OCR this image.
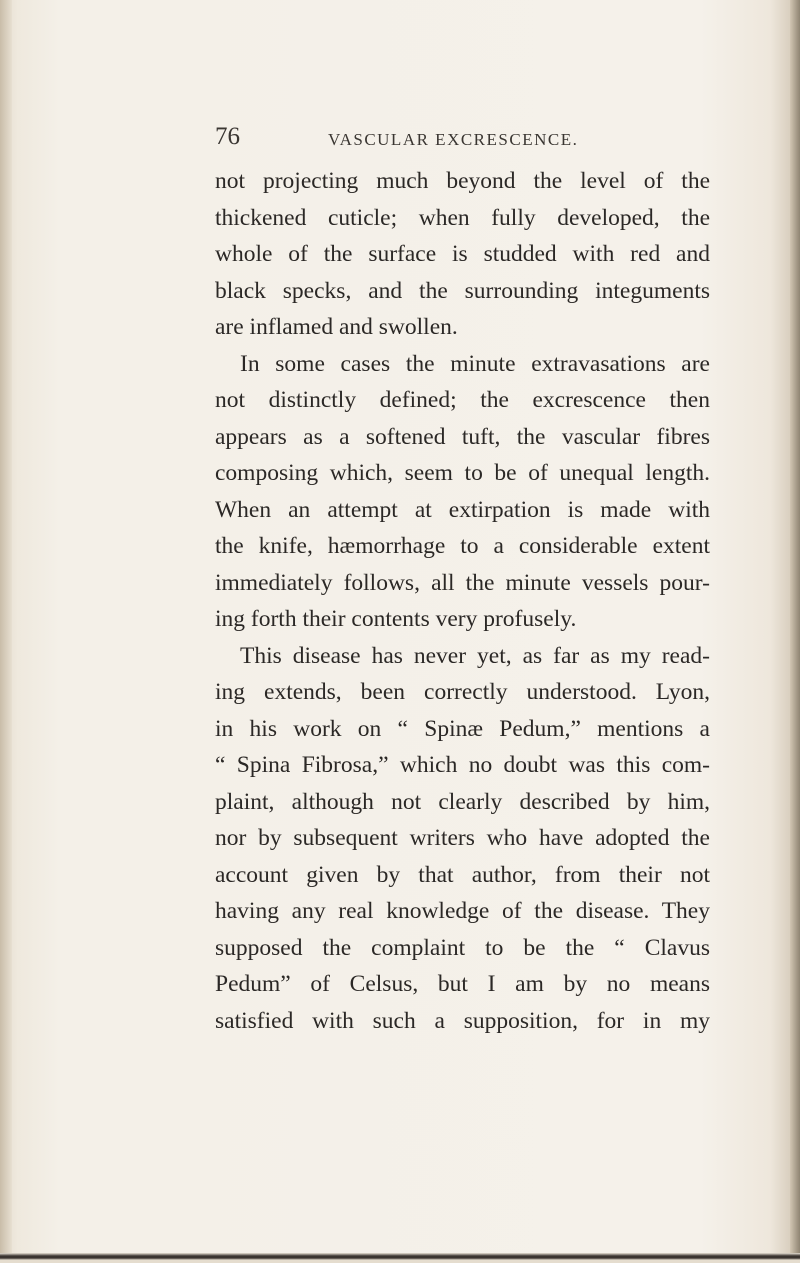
76	VASCULAR EXCRESCENCE.
not projecting much beyond the level of the
thickened cuticle; when fully developed, the
whole of the surface is studded with red and
black specks, and the surrounding integuments
are inflamed and swollen.
In some cases the minute extravasations are
not distinctly defined; the excrescence then
appears as a softened tuft, the vascular fibres
composing which, seem to be of unequal length.
When an attempt at extirpation is made with
the knife, hæmorrhage to a considerable extent
immediately follows, all the minute vessels pour-
ing forth their contents very profusely.
This disease has never yet, as far as my read-
ing extends, been correctly understood. Lyon,
in his work on “ Spinæ Pedum,” mentions a
“ Spina Fibrosa,” which no doubt was this com-
plaint, although not clearly described by him,
nor by subsequent writers who have adopted the
account given by that author, from their not
having any real knowledge of the disease. They
supposed the complaint to be the “ Clavus
Pedum” of Celsus, but I am by no means
satisfied with such a supposition, for in my
